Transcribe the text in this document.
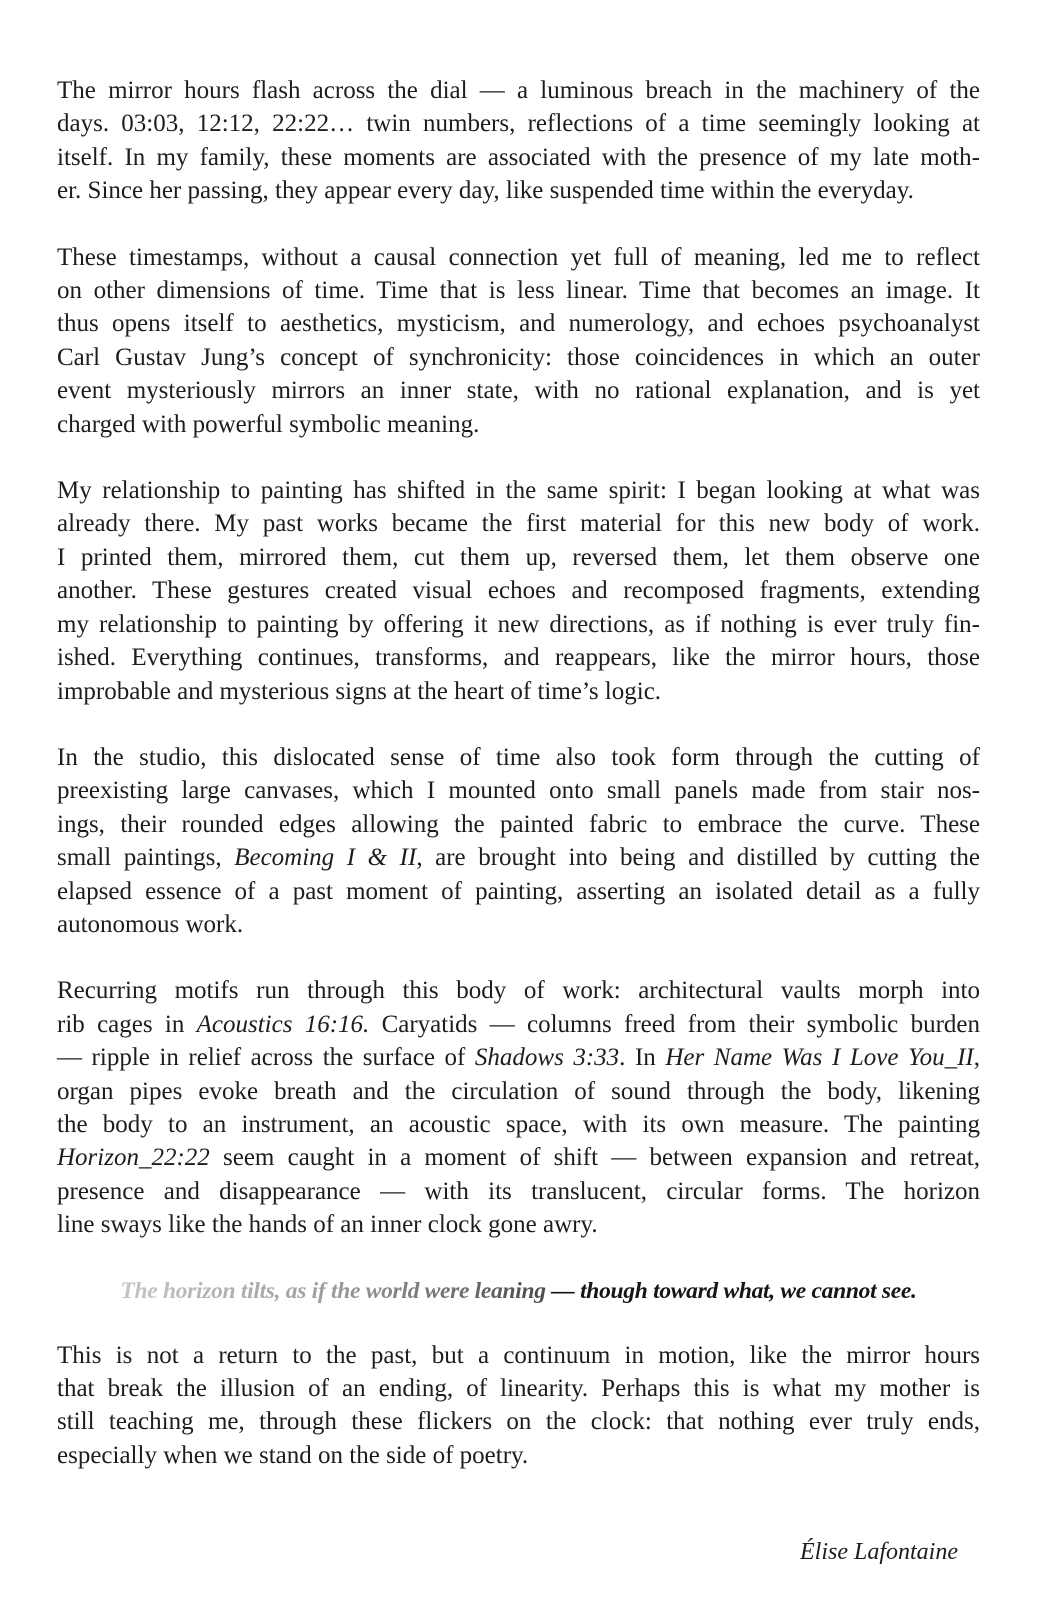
The mirror hours flash across the dial — a luminous breach in the machinery of the
days. 03:03, 12:12, 22:22… twin numbers, reflections of a time seemingly looking at
itself. In my family, these moments are associated with the presence of my late moth-
er. Since her passing, they appear every day, like suspended time within the everyday.
These timestamps, without a causal connection yet full of meaning, led me to reflect
on other dimensions of time. Time that is less linear. Time that becomes an image. It
thus opens itself to aesthetics, mysticism, and numerology, and echoes psychoanalyst
Carl Gustav Jung’s concept of synchronicity: those coincidences in which an outer
event mysteriously mirrors an inner state, with no rational explanation, and is yet
charged with powerful symbolic meaning.
My relationship to painting has shifted in the same spirit: I began looking at what was
already there. My past works became the first material for this new body of work.
I printed them, mirrored them, cut them up, reversed them, let them observe one
another. These gestures created visual echoes and recomposed fragments, extending
my relationship to painting by offering it new directions, as if nothing is ever truly fin-
ished. Everything continues, transforms, and reappears, like the mirror hours, those
improbable and mysterious signs at the heart of time’s logic.
In the studio, this dislocated sense of time also took form through the cutting of
preexisting large canvases, which I mounted onto small panels made from stair nos-
ings, their rounded edges allowing the painted fabric to embrace the curve. These
small paintings, Becoming I & II, are brought into being and distilled by cutting the
elapsed essence of a past moment of painting, asserting an isolated detail as a fully
autonomous work.
Recurring motifs run through this body of work: architectural vaults morph into
rib cages in Acoustics 16:16. Caryatids — columns freed from their symbolic burden
— ripple in relief across the surface of Shadows 3:33. In Her Name Was I Love You_II,
organ pipes evoke breath and the circulation of sound through the body, likening
the body to an instrument, an acoustic space, with its own measure. The painting
Horizon_22:22 seem caught in a moment of shift — between expansion and retreat,
presence and disappearance — with its translucent, circular forms. The horizon
line sways like the hands of an inner clock gone awry.
The horizon tilts, as if the world were leaning — though toward what, we cannot see.
This is not a return to the past, but a continuum in motion, like the mirror hours
that break the illusion of an ending, of linearity. Perhaps this is what my mother is
still teaching me, through these flickers on the clock: that nothing ever truly ends,
especially when we stand on the side of poetry.
Élise Lafontaine
